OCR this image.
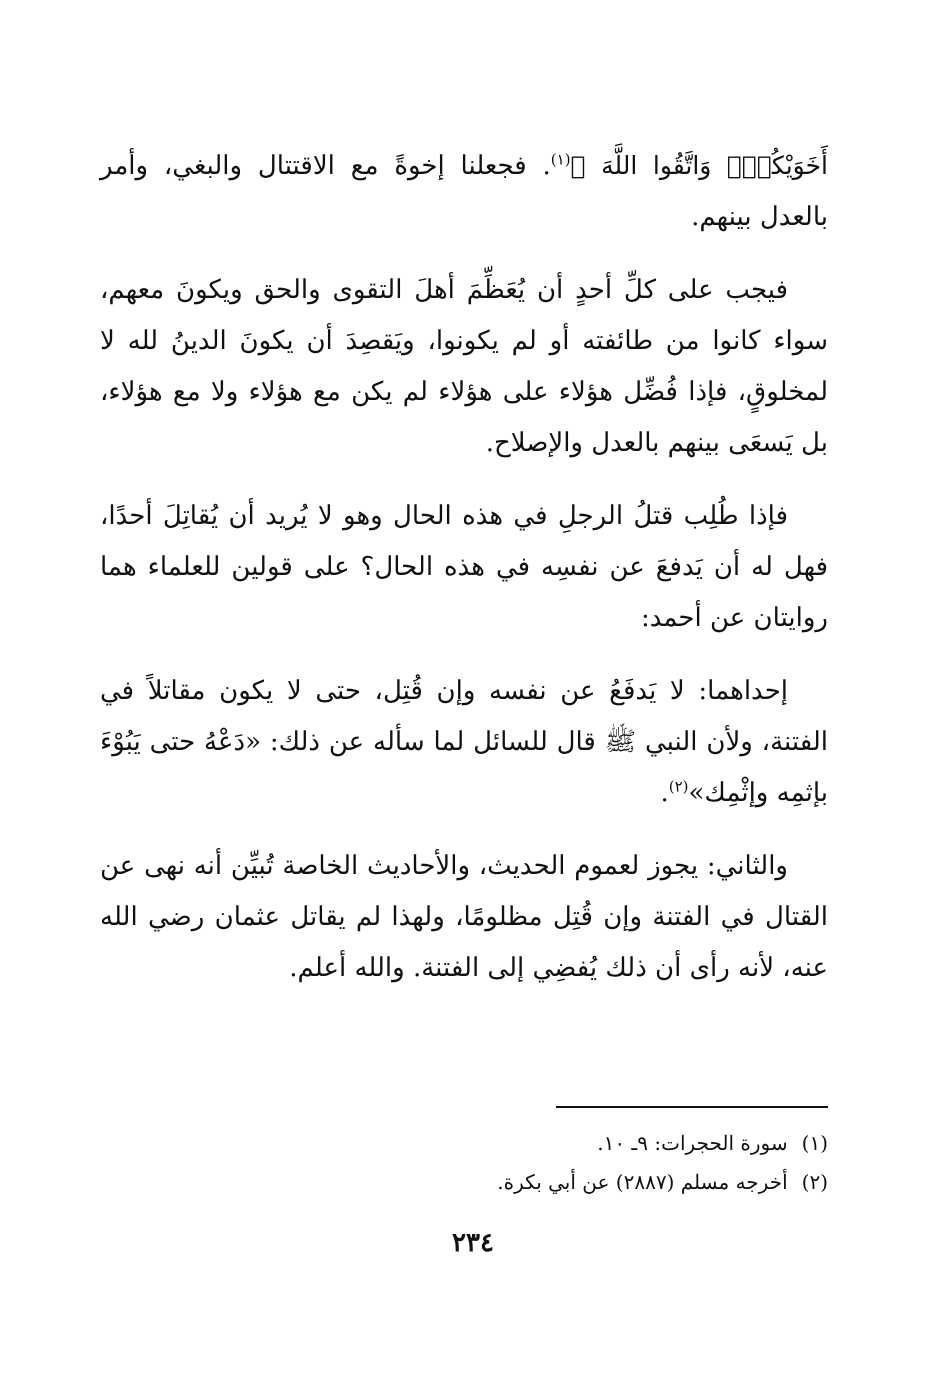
أَخَوَيْكُمْۚ وَاتَّقُوا اللَّهَ ﴾$^{(١)}$. فجعلنا إخوةً مع الاقتتال والبغي، وأمر بالعدل بينهم.

فيجب على كلِّ أحدٍ أن يُعَظِّمَ أهلَ التقوى والحق ويكونَ معهم، سواء كانوا من طائفته أو لم يكونوا، ويَقصِدَ أن يكونَ الدينُ لله لا لمخلوقٍ، فإذا فُضِّل هؤلاء على هؤلاء لم يكن مع هؤلاء ولا مع هؤلاء، بل يَسعَى بينهم بالعدل والإصلاح.

فإذا طُلِب قتلُ الرجلِ في هذه الحال وهو لا يُريد أن يُقاتِلَ أحدًا، فهل له أن يَدفعَ عن نفسِه في هذه الحال؟ على قولين للعلماء هما روايتان عن أحمد:

إحداهما: لا يَدفَعُ عن نفسه وإن قُتِل، حتى لا يكون مقاتلاً في الفتنة، ولأن النبي ﷺ قال للسائل لما سأله عن ذلك: «دَعْهُ حتى يَبُوْءَ بإثمِه وإثْمِك»$^{(٢)}$.

والثاني: يجوز لعموم الحديث، والأحاديث الخاصة تُبيِّن أنه نهى عن القتال في الفتنة وإن قُتِل مظلومًا، ولهذا لم يقاتل عثمان رضي الله عنه، لأنه رأى أن ذلك يُفضِي إلى الفتنة. والله أعلم.

(١)سورة الحجرات: ٩ـ ١٠.
(٢)أخرجه مسلم (٢٨٨٧) عن أبي بكرة.
٢٣٤
